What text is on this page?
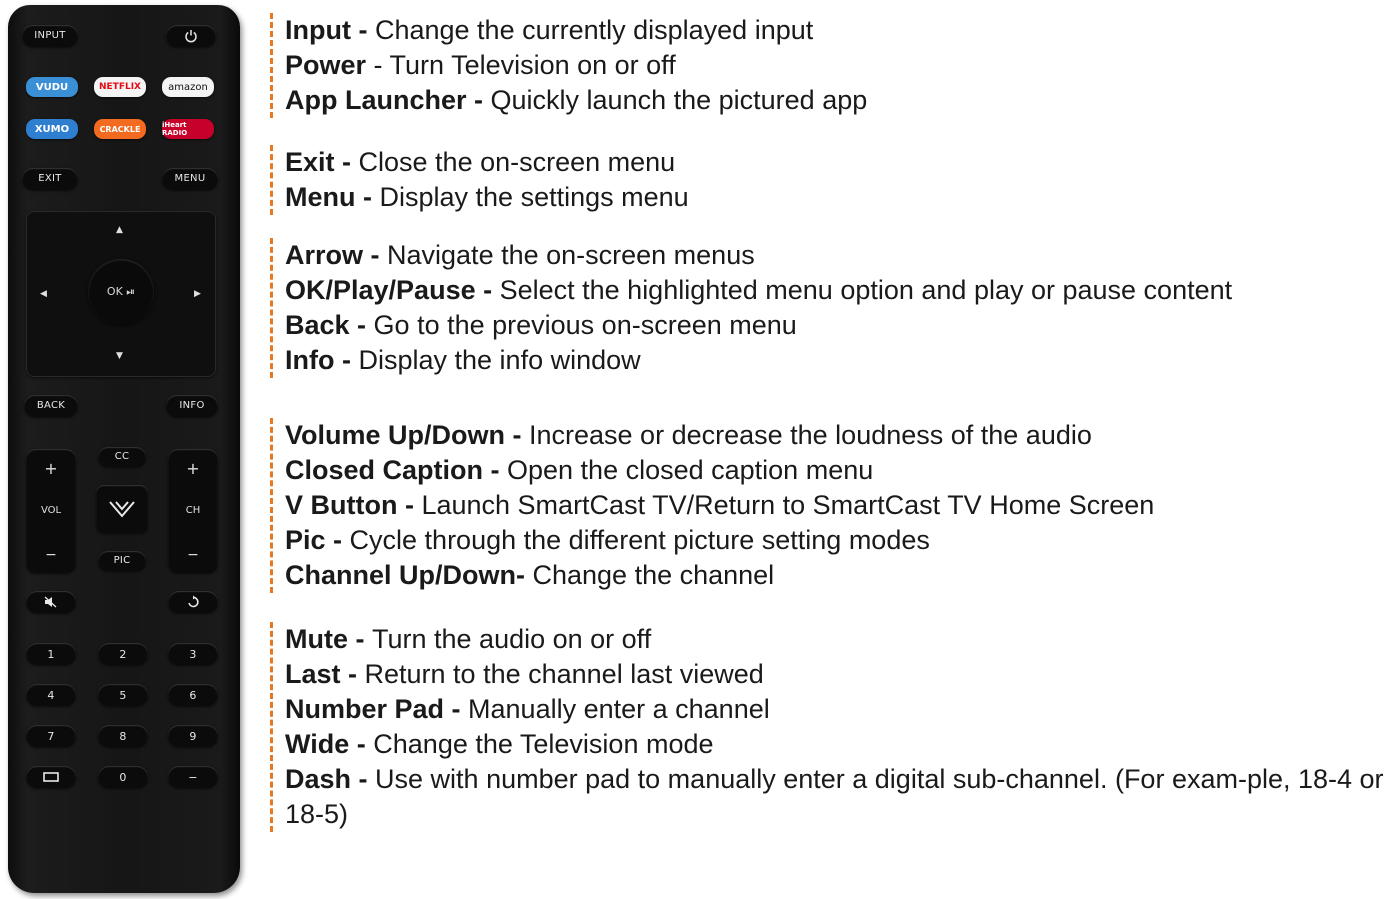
INPUT
VUDU	NETFLIX	amazon
XUMO	CRACKLE	iHeart RADIO
EXIT	MENU
▲
▼
◀	▶
OK ⏯
BACK	INFO
+
VOL
−
+
CH
−
CC
PIC
1	2	3
4	5	6
7	8	9
0	−
Input - Change the currently displayed input
Power - Turn Television on or off
App Launcher - Quickly launch the pictured app
Exit - Close the on-screen menu
Menu - Display the settings menu
Arrow - Navigate the on-screen menus
OK/Play/Pause - Select the highlighted menu option and play or pause content
Back - Go to the previous on-screen menu
Info - Display the info window
Volume Up/Down - Increase or decrease the loudness of the audio
Closed Caption - Open the closed caption menu
V Button - Launch SmartCast TV/Return to SmartCast TV Home Screen
Pic - Cycle through the different picture setting modes
Channel Up/Down- Change the channel
Mute - Turn the audio on or off
Last - Return to the channel last viewed
Number Pad - Manually enter a channel
Wide - Change the Television mode
Dash - Use with number pad to manually enter a digital sub-channel. (For exam-ple, 18-4 or 18-5)
